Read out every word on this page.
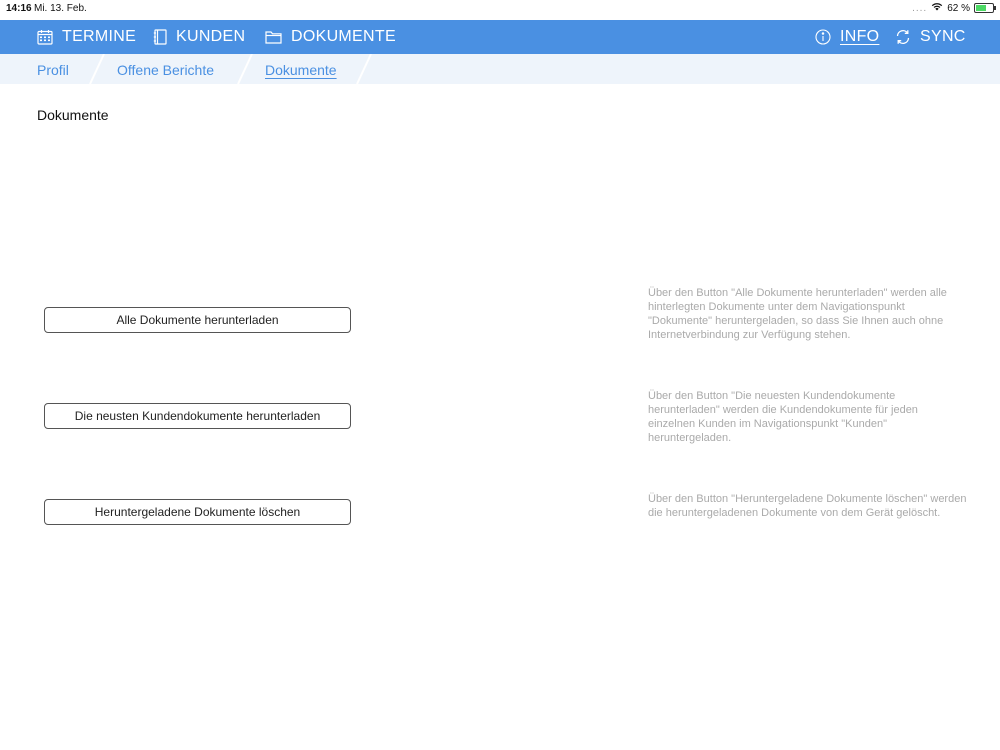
14:16 Mi. 13. Feb.	.... 62 %
TERMINE KUNDEN	DOKUMENTE	INFO	SYNC
Profil	Offene Berichte	Dokumente
Dokumente
Alle Dokumente herunterladen
Über den Button "Alle Dokumente herunterladen" werden alle hinterlegten Dokumente unter dem Navigationspunkt "Dokumente" heruntergeladen, so dass Sie Ihnen auch ohne Internetverbindung zur Verfügung stehen.
Die neusten Kundendokumente herunterladen
Über den Button "Die neuesten Kundendokumente herunterladen" werden die Kundendokumente für jeden einzelnen Kunden im Navigationspunkt "Kunden" heruntergeladen.
Heruntergeladene Dokumente löschen
Über den Button "Heruntergeladene Dokumente löschen" werden die heruntergeladenen Dokumente von dem Gerät gelöscht.
